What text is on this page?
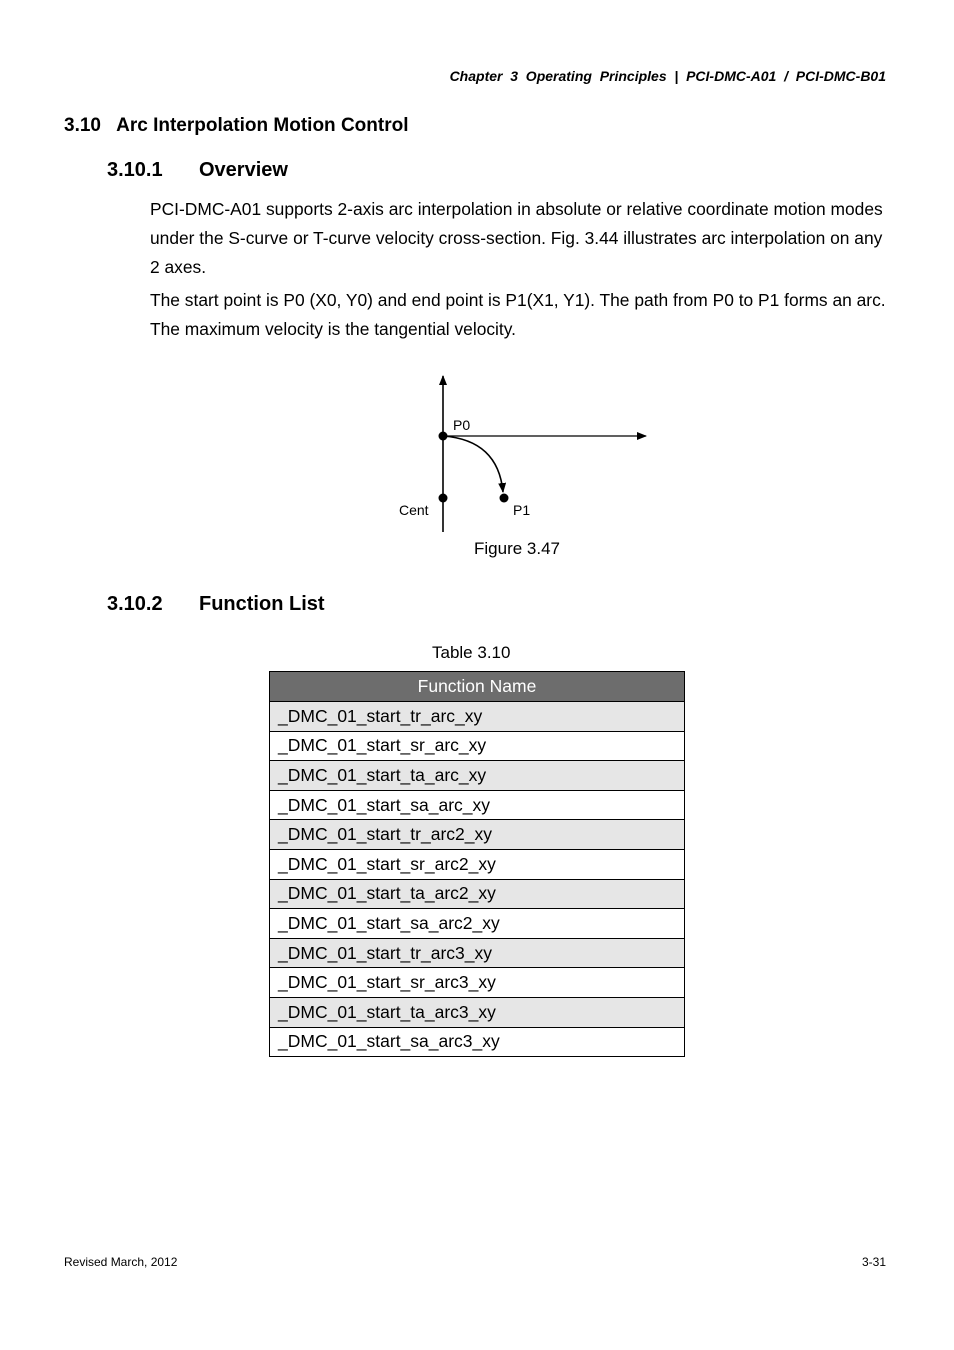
Chapter  3  Operating  Principles  |  PCI-DMC-A01  /  PCI-DMC-B01
3.10 Arc Interpolation Motion Control
3.10.1 Overview

PCI-DMC-A01 supports 2-axis arc interpolation in absolute or relative coordinate motion modes under the S-curve or T-curve velocity cross-section. Fig. 3.44 illustrates arc interpolation on any 2 axes.

The start point is P0 (X0, Y0) and end point is P1(X1, Y1). The path from P0 to P1 forms an arc. The maximum velocity is the tangential velocity.

P0
Cent	P1
Figure 3.47
3.10.2 Function List
Table 3.10
Function Name
_DMC_01_start_tr_arc_xy
_DMC_01_start_sr_arc_xy
_DMC_01_start_ta_arc_xy
_DMC_01_start_sa_arc_xy
_DMC_01_start_tr_arc2_xy
_DMC_01_start_sr_arc2_xy
_DMC_01_start_ta_arc2_xy
_DMC_01_start_sa_arc2_xy
_DMC_01_start_tr_arc3_xy
_DMC_01_start_sr_arc3_xy
_DMC_01_start_ta_arc3_xy
_DMC_01_start_sa_arc3_xy
Revised March, 2012	3-31
